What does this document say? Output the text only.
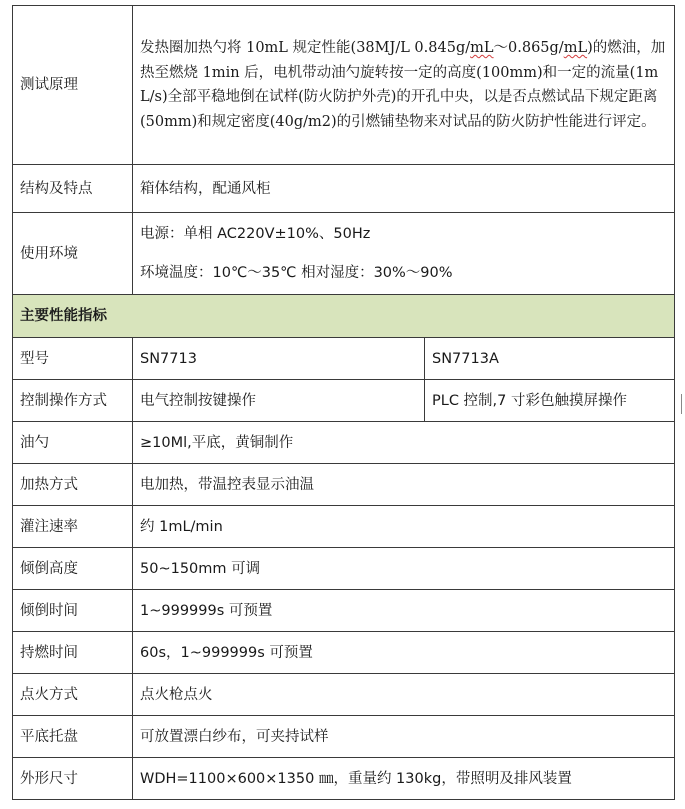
测试原理	发热圈加热勺将 10mL 规定性能(38MJ/L 0.845g/mL～0.865g/mL)的燃油，加热至燃烧 1min 后，电机带动油勺旋转按一定的高度(100mm)和一定的流量(1mL/s)全部平稳地倒在试样(防火防护外壳)的开孔中央，以是否点燃试品下规定距离(50mm)和规定密度(40g/m2)的引燃铺垫物来对试品的防火防护性能进行评定。	
结构及特点	箱体结构，配通风柜	
使用环境	电源：单相 AC220V±10%、50Hz
环境温度：10℃～35℃ 相对湿度：30%～90%	

主要性能指标		
型号	SN7713	SN7713A
控制操作方式	电气控制按键操作	PLC 控制,7 寸彩色触摸屏操作
油勺	≥10Ml,平底，黄铜制作	
加热方式	电加热，带温控表显示油温	
灌注速率	约 1mL/min	
倾倒高度	50~150mm 可调	
倾倒时间	1~999999s 可预置	
持燃时间	60s，1~999999s 可预置	
点火方式	点火枪点火	
平底托盘	可放置漂白纱布，可夹持试样	
外形尺寸	WDH=1100×600×1350 ㎜，重量约 130kg，带照明及排风装置	
